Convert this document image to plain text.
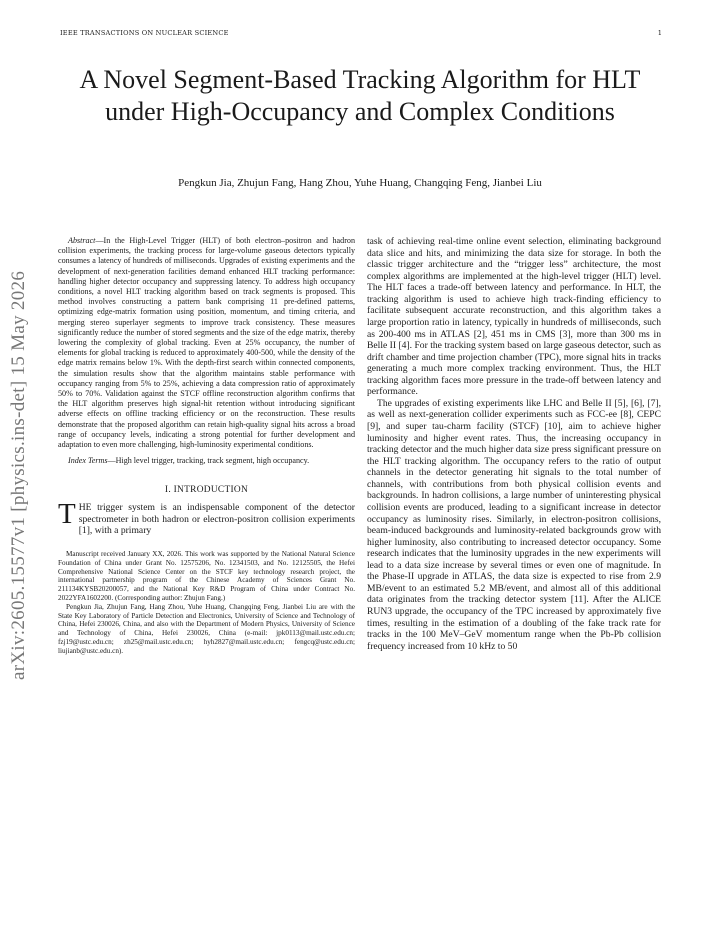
IEEE TRANSACTIONS ON NUCLEAR SCIENCE	1
A Novel Segment-Based Tracking Algorithm for HLT under High-Occupancy and Complex Conditions
Pengkun Jia, Zhujun Fang, Hang Zhou, Yuhe Huang, Changqing Feng, Jianbei Liu
arXiv:2605.15577v1 [physics.ins-det] 15 May 2026

Abstract—In the High-Level Trigger (HLT) of both electron–positron and hadron collision experiments, the tracking process for large-volume gaseous detectors typically consumes a latency of hundreds of milliseconds. Upgrades of existing experiments and the development of next-generation facilities demand enhanced HLT tracking performance: handling higher detector occupancy and suppressing latency. To address high occupancy conditions, a novel HLT tracking algorithm based on track segments is proposed. This method involves constructing a pattern bank comprising 11 pre-defined patterns, optimizing edge-matrix formation using position, momentum, and timing criteria, and merging stereo superlayer segments to improve track consistency. These measures significantly reduce the number of stored segments and the size of the edge matrix, thereby lowering the complexity of global tracking. Even at 25% occupancy, the number of elements for global tracking is reduced to approximately 400-500, while the density of the edge matrix remains below 1%. With the depth-first search within connected components, the simulation results show that the algorithm maintains stable performance with occupancy ranging from 5% to 25%, achieving a data compression ratio of approximately 50% to 70%. Validation against the STCF offline reconstruction algorithm confirms that the HLT algorithm preserves high signal-hit retention without introducing significant adverse effects on offline tracking efficiency or on the reconstruction. These results demonstrate that the proposed algorithm can retain high-quality signal hits across a broad range of occupancy levels, indicating a strong potential for further development and adaptation to even more challenging, high-luminosity experimental conditions.

Index Terms—High level trigger, tracking, track segment, high occupancy.

I. INTRODUCTION

THE trigger system is an indispensable component of the detector spectrometer in both hadron or electron-positron collision experiments [1], with a primary

Manuscript received January XX, 2026. This work was supported by the National Natural Science Foundation of China under Grant No. 12575206, No. 12341503, and No. 12125505, the Hefei Comprehensive National Science Center on the STCF key technology research project, the international partnership program of the Chinese Academy of Sciences Grant No. 211134KYSB20200057, and the National Key R&D Program of China under Contract No. 2022YFA1602200. (Corresponding author: Zhujun Fang.)

Pengkun Jia, Zhujun Fang, Hang Zhou, Yuhe Huang, Changqing Feng, Jianbei Liu are with the State Key Laboratory of Particle Detection and Electronics, University of Science and Technology of China, Hefei 230026, China, and also with the Department of Modern Physics, University of Science and Technology of China, Hefei 230026, China (e-mail: jpk0113@mail.ustc.edu.cn; fzj19@ustc.edu.cn; zh25@mail.ustc.edu.cn; hyh2827@mail.ustc.edu.cn; fengcq@ustc.edu.cn; liujianb@ustc.edu.cn).

task of achieving real-time online event selection, eliminating background data slice and hits, and minimizing the data size for storage. In both the classic trigger architecture and the “trigger less” architecture, the most complex algorithms are implemented at the high-level trigger (HLT) level. The HLT faces a trade-off between latency and performance. In HLT, the tracking algorithm is used to achieve high track-finding efficiency to facilitate subsequent accurate reconstruction, and this algorithm takes a large proportion ratio in latency, typically in hundreds of milliseconds, such as 200-400 ms in ATLAS [2], 451 ms in CMS [3], more than 300 ms in Belle II [4]. For the tracking system based on large gaseous detector, such as drift chamber and time projection chamber (TPC), more signal hits in tracks generating a much more complex tracking environment. Thus, the HLT tracking algorithm faces more pressure in the trade-off between latency and performance.

The upgrades of existing experiments like LHC and Belle II [5], [6], [7], as well as next-generation collider experiments such as FCC-ee [8], CEPC [9], and super tau-charm facility (STCF) [10], aim to achieve higher luminosity and higher event rates. Thus, the increasing occupancy in tracking detector and the much higher data size press significant pressure on the HLT tracking algorithm. The occupancy refers to the ratio of output channels in the detector generating hit signals to the total number of channels, with contributions from both physical collision events and backgrounds. In hadron collisions, a large number of uninteresting physical collision events are produced, leading to a significant increase in detector occupancy as luminosity rises. Similarly, in electron-positron collisions, beam-induced backgrounds and luminosity-related backgrounds grow with higher luminosity, also contributing to increased detector occupancy. Some research indicates that the luminosity upgrades in the new experiments will lead to a data size increase by several times or even one of magnitude. In the Phase-II upgrade in ATLAS, the data size is expected to rise from 2.9 MB/event to an estimated 5.2 MB/event, and almost all of this additional data originates from the tracking detector system [11]. After the ALICE RUN3 upgrade, the occupancy of the TPC increased by approximately five times, resulting in the estimation of a doubling of the fake track rate for tracks in the 100 MeV–GeV momentum range when the Pb-Pb collision frequency increased from 10 kHz to 50
